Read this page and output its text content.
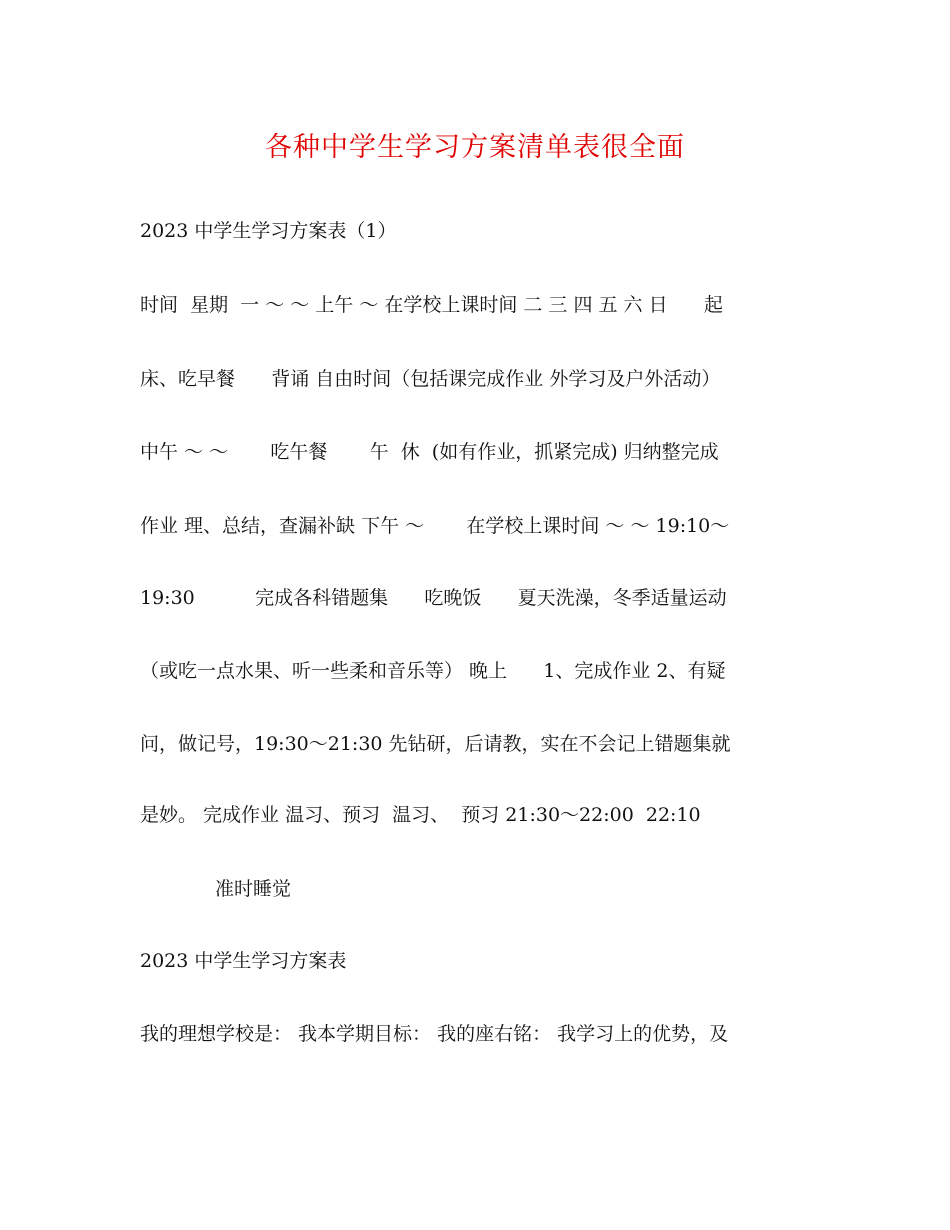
各种中学生学习方案清单表很全面
2023 中学生学习方案表（1）
时间  星期  一 ～ ～ 上午 ～ 在学校上课时间 二 三 四 五 六 日      起
床、吃早餐      背诵 自由时间（包括课完成作业 外学习及户外活动）
中午 ～ ～       吃午餐       午  休  (如有作业，抓紧完成) 归纳整完成
作业 理、总结，查漏补缺 下午 ～       在学校上课时间 ～ ～ 19:10～
19:30          完成各科错题集      吃晚饭      夏天洗澡，冬季适量运动
（或吃一点水果、听一些柔和音乐等） 晚上      1、完成作业 2、有疑
问，做记号，19:30～21:30 先钻研，后请教，实在不会记上错题集就
是妙。 完成作业 温习、预习  温习、  预习 21:30～22:00  22:10
准时睡觉
2023 中学生学习方案表
我的理想学校是： 我本学期目标： 我的座右铭： 我学习上的优势，及
